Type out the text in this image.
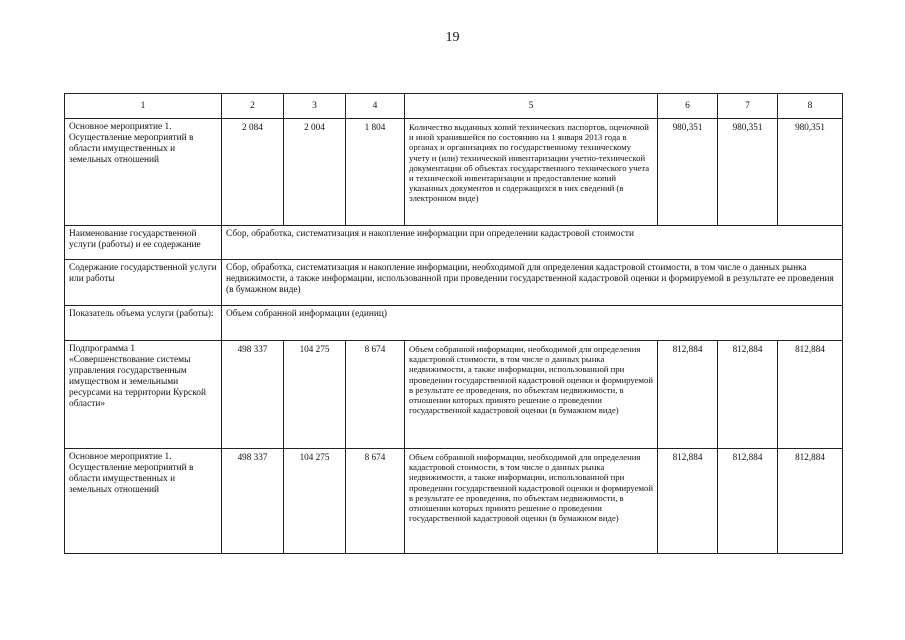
19
1	2	3	4	5	6	7	8
Основное мероприятие 1. Осуществление мероприятий в области имущественных и земельных отношений	2 084	2 004	1 804	Количество выданных копий технических паспортов, оценочной и иной хранившейся по состоянию на 1 января 2013 года в органах и организациях по государственному техническому учету и (или) технической инвентаризации учетно-технической документации об объектах государственного технического учета и технической инвентаризации и предоставление копий указанных документов и содержащихся в них сведений (в электронном виде)	980,351	980,351	980,351
Наименование государственной услуги (работы) и ее содержание	Сбор, обработка, систематизация и накопление информации при определении кадастровой стоимости						
Содержание государственной услуги или работы	Сбор, обработка, систематизация и накопление информации, необходимой для определения кадастровой стоимости, в том числе о данных рынка недвижимости, а также информации, использованной при проведении государственной кадастровой оценки и формируемой в результате ее проведения (в бумажном виде)						
Показатель объема услуги (работы):	Объем собранной информации (единиц)						
Подпрограмма 1 «Совершенствование системы управления государственным имуществом и земельными ресурсами на территории Курской области»	498 337	104 275	8 674	Объем собранной информации, необходимой для определения кадастровой стоимости, в том числе о данных рынка недвижимости, а также информации, использованной при проведении государственной кадастровой оценки и формируемой в результате ее проведения, по объектам недвижимости, в отношении которых принято решение о проведении государственной кадастровой оценки (в бумажном виде)	812,884	812,884	812,884
Основное мероприятие 1. Осуществление мероприятий в области имущественных и земельных отношений	498 337	104 275	8 674	Объем собранной информации, необходимой для определения кадастровой стоимости, в том числе о данных рынка недвижимости, а также информации, использованной при проведении государственной кадастровой оценки и формируемой в результате ее проведения, по объектам недвижимости, в отношении которых принято решение о проведении государственной кадастровой оценки (в бумажном виде)	812,884	812,884	812,884
